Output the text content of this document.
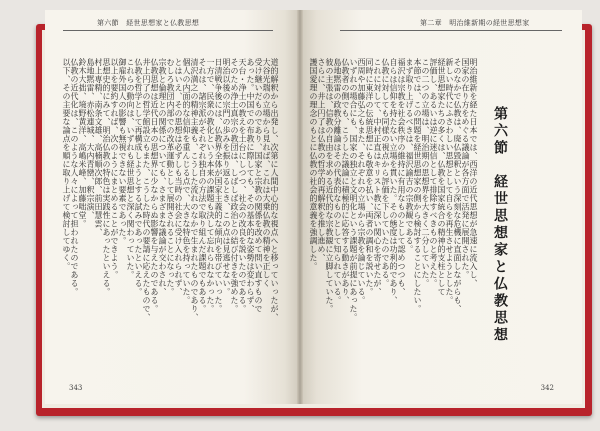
第六節　経世思想家と仏教思想
道的解釈から出発し、次第に人間中心的な視点へと移っていったが、
大谷光瑞の立場から見れば、これは大乗仏教の精神を正しく
受け継いだものであり、国家と宗教の関係を改めて問い直すもので
あった。中国での布教に際しても、その基本的な姿勢は変わらず、
天台・浄土の教えを土台にしつつ、社会の改良を説いたのである。
そのため浄土真宗の教団は、しばしば政治との結び付きを強めた。
明治以後の宗門の歩みを振り返るとき、この点は見逃せない。
日清戦争後には、仏教界全体が国家主義的な傾向を帯びていった。
一方で、民衆の教化という本来の課題も決して忘れられなかった。
それは、諸宗派がそれぞれ独自の方法で取り組んだ課題でもある。
清沢満之の精神主義も、こうした流れのなかで生まれたものであり、
個人の内面的な信仰を重んじる点で、大きな特色を持っていた。
とはいえ、その思想は必ずしも当時の社会に受け入れられず、
むしろ教団内部での改革運動として展開されることになった。
宗教と倫理との関係についても、さまざまな議論が交わされ、
仏教思想は近代日本の思想界に少なからぬ影響を与えたのである。
井上円了の哲学館設立もまた、こうした時代の要請に応えたもので、
仏教を哲学として再構成しようとする試みであったといえる。
これらの動向は、いずれも経世思想と深く関わっていた。
御雇外国人の影響も無視できない要素であった。
以上を要約すれば、次のようにまとめることができよう。
思想史的にみて、明治仏教の特色は実践性にあったといえる。
村上専精、南条文雄、高楠順次郎、前田慧雲、
島地黙雷、赤松連城、大内青巒、釈宗演、
鈴木大拙、境野黄洋、高嶋米峰、加藤咄堂。
仏教の近代化は、このような人々によって担われたのである。
以下、その主要な論点を順に取り上げて検討してゆく。
343
第二章　明治維新期の経世思想家
第六節　経世思想家と仏教思想
明治維新を経た日本では、西洋の近代思想が急速に流入し、
国家の在り方をめぐる議論が各方面で活発に展開された。
そのなかで仏教は、廃仏毀釈という深刻な危機に直面しながらも、
新しい時代にふさわしい思想として自らを再生させようとした。
経世思想家たちの多くは、仏教を国家統合の精神的支柱として
評価し、あるいは逆に迷信として排除すべきものと考えた。
この二つの立場は、明治期の思想界を大きく二分していた。
本節では、この問題を経世思想家の側から検討することにしたい。
まず取り上げるべきは、福沢諭吉の宗教観である。
福沢は宗教を社会秩序の維持に有用なものとして認めつつも、
自らは信仰を持たない立場を貫いた。その態度は功利的であり、
仏教に対しても同様の視点から評価を下していたのである。
これに対して、中村正直はキリスト教に深い関心を寄せたが、
同時に東洋の伝統思想にも敬意を払い、両者の調和を説いた。
西周や加藤弘之もまた、それぞれの立場から宗教を論じている。
いずれの場合にも、国家の独立と文明化という課題が前提にあった。
仏教者の側でも、こうした議論に積極的に応答する動きがあり、
島地黙雷の政教分離論はその代表的なものとして知られている。
彼の主張は、信教の自由を求める近代的な宗教観に立脚していた。
さらに、井上円了は仏教の哲学的再解釈を推し進め、
護国愛理の理念のもとに仏教の社会的意義を強調した。
342
